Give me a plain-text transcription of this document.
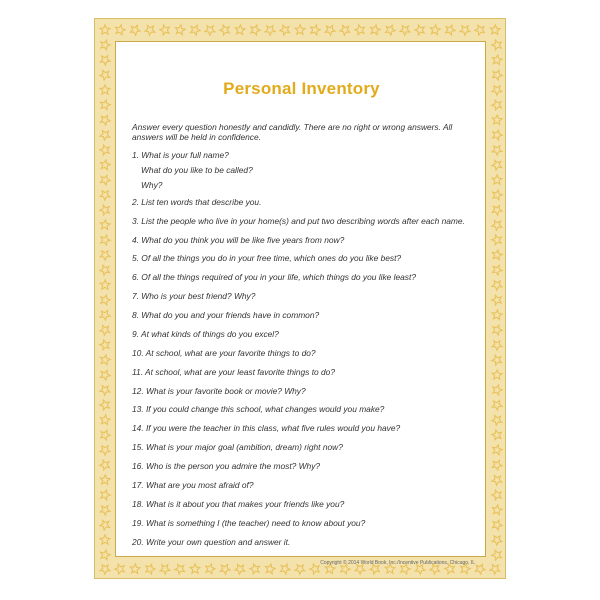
Personal Inventory
Answer every question honestly and candidly. There are no right or wrong answers. All answers will be held in confidence.
1. What is your full name?
What do you like to be called?
Why?
2. List ten words that describe you.
3. List the people who live in your home(s) and put two describing words after each name.
4. What do you think you will be like five years from now?
5. Of all the things you do in your free time, which ones do you like best?
6. Of all the things required of you in your life, which things do you like least?
7. Who is your best friend? Why?
8. What do you and your friends have in common?
9. At what kinds of things do you excel?
10. At school, what are your favorite things to do?
11. At school, what are your least favorite things to do?
12. What is your favorite book or movie? Why?
13. If you could change this school, what changes would you make?
14. If you were the teacher in this class, what five rules would you have?
15. What is your major goal (ambition, dream) right now?
16. Who is the person you admire the most? Why?
17. What are you most afraid of?
18. What is it about you that makes your friends like you?
19. What is something I (the teacher) need to know about you?
20. Write your own question and answer it.
Copyright © 2014 World Book, Inc./Incentive Publications, Chicago, IL
